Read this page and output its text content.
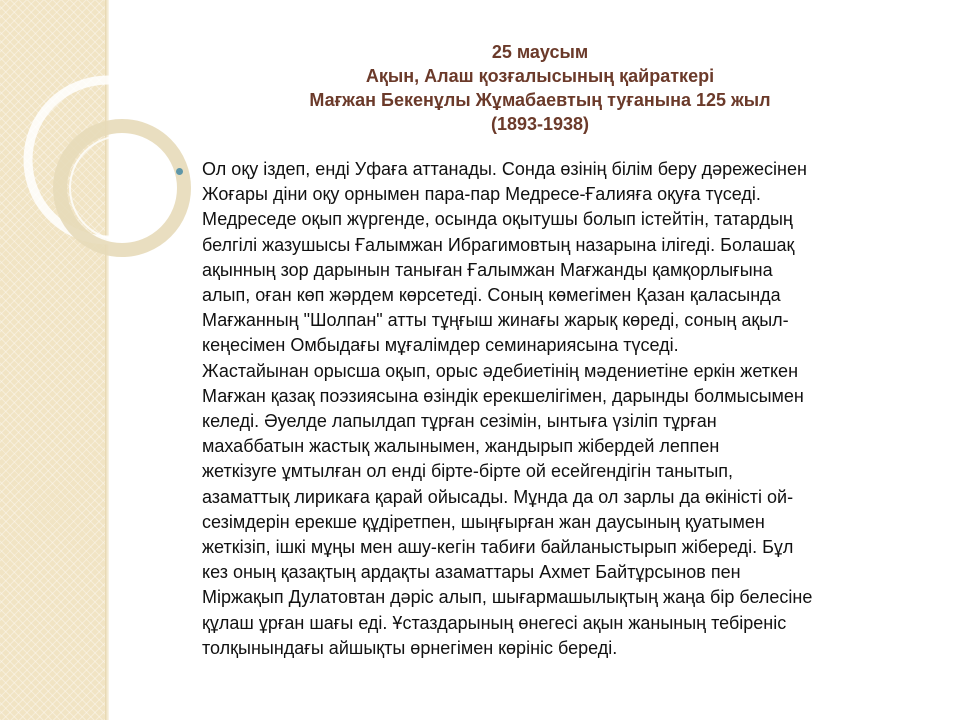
25 маусым
Ақын, Алаш қозғалысының қайраткері
Мағжан Бекенұлы Жұмабаевтың туғанына 125 жыл
(1893-1938)
Ол оқу іздеп, енді Уфаға аттанады. Сонда өзінің білім беру дәрежесінен
Жоғары діни оқу орнымен пара-пар Медресе-Ғалияға оқуға түседі.
Медреседе оқып жүргенде, осында оқытушы болып істейтін, татардың
белгілі жазушысы Ғалымжан Ибрагимовтың назарына ілігеді. Болашақ
ақынның зор дарынын таныған Ғалымжан Мағжанды қамқорлығына
алып, оған көп жәрдем көрсетеді. Соның көмегімен Қазан қаласында
Мағжанның "Шолпан" атты тұңғыш жинағы жарық көреді, соның ақыл-
кеңесімен Омбыдағы мұғалімдер семинариясына түседі.
Жастайынан орысша оқып, орыс әдебиетінің мәдениетіне еркін жеткен
Мағжан қазақ поэзиясына өзіндік ерекшелігімен, дарынды болмысымен
келеді. Әуелде лапылдап тұрған сезімін, ынтыға үзіліп тұрған
махаббатын жастық жалынымен, жандырып жібердей леппен
жеткізуге ұмтылған ол енді бірте-бірте ой есейгендігін танытып,
азаматтық лирикаға қарай ойысады. Мұнда да ол зарлы да өкіністі ой-
сезімдерін ерекше құдіретпен, шыңғырған жан даусының қуатымен
жеткізіп, ішкі мұңы мен ашу-кегін табиғи байланыстырып жібереді. Бұл
кез оның қазақтың ардақты азаматтары Ахмет Байтұрсынов пен
Міржақып Дулатовтан дәріс алып, шығармашылықтың жаңа бір белесіне
құлаш ұрған шағы еді. Ұстаздарының өнегесі ақын жанының тебіреніс
толқынындағы айшықты өрнегімен көрініс береді.
